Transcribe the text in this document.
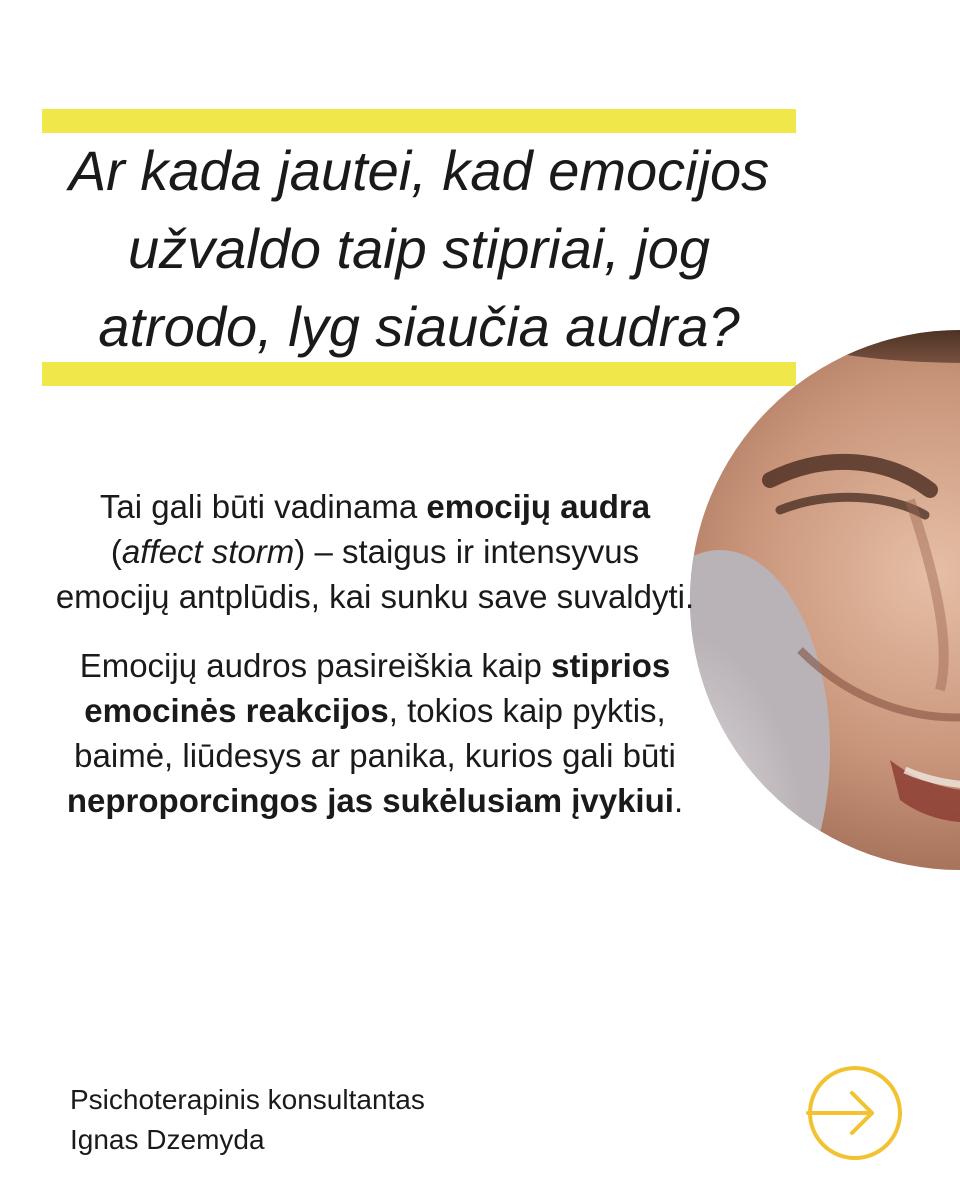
Ar kada jautei, kad emocijos
užvaldo taip stipriai, jog
atrodo, lyg siaučia audra?

Tai gali būti vadinama emocijų audra (affect storm) – staigus ir intensyvus emocijų antplūdis, kai sunku save suvaldyti.

Emocijų audros pasireiškia kaip stiprios emocinės reakcijos, tokios kaip pyktis, baimė, liūdesys ar panika, kurios gali būti neproporcingos jas sukėlusiam įvykiui.

Psichoterapinis konsultantas
Ignas Dzemyda
